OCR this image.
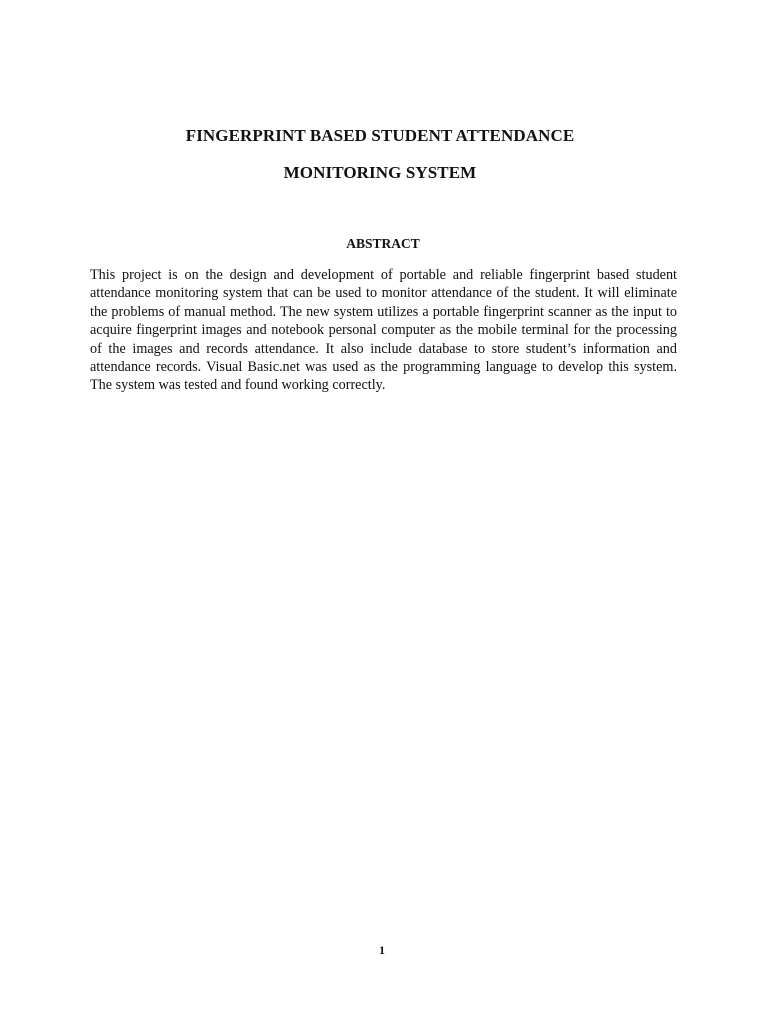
FINGERPRINT BASED STUDENT ATTENDANCE
MONITORING SYSTEM
ABSTRACT

This project is on the design and development of portable and reliable fingerprint based student attendance monitoring system that can be used to monitor attendance of the student. It will eliminate the problems of manual method. The new system utilizes a portable fingerprint scanner as the input to acquire fingerprint images and notebook personal computer as the mobile terminal for the processing of the images and records attendance. It also include database to store student’s information and attendance records. Visual Basic.net was used as the programming language to develop this system. The system was tested and found working correctly.

1
